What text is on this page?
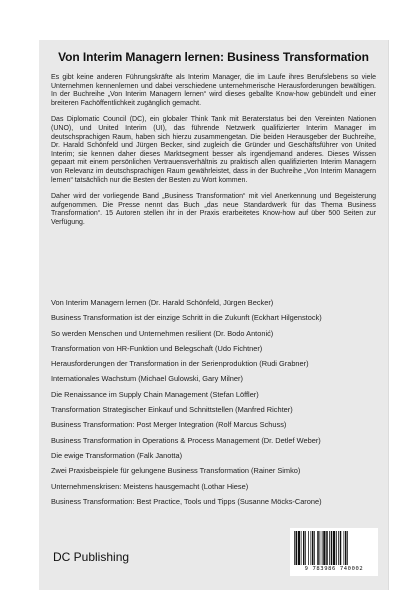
Von Interim Managern lernen: Business Transformation

Es gibt keine anderen Führungskräfte als Interim Manager, die im Laufe ihres Berufslebens so viele Unternehmen kennenlernen und dabei verschiedene unternehmerische Herausforderungen bewältigen. In der Buchreihe „Von Interim Managern lernen“ wird dieses geballte Know-how gebündelt und einer breiteren Fachöffentlichkeit zugänglich gemacht.

Das Diplomatic Council (DC), ein globaler Think Tank mit Beraterstatus bei den Vereinten Nationen (UNO), und United Interim (UI), das führende Netzwerk qualifizierter Interim Manager im deutschsprachigen Raum, haben sich hierzu zusammengetan. Die beiden Herausgeber der Buchreihe, Dr. Harald Schönfeld und Jürgen Becker, sind zugleich die Gründer und Geschäftsführer von United Interim; sie kennen daher dieses Marktsegment besser als irgendjemand anderes. Dieses Wissen gepaart mit einem persönlichen Vertrauensverhältnis zu praktisch allen qualifizierten Interim Managern von Relevanz im deutschsprachigen Raum gewährleistet, dass in der Buchreihe „Von Interim Managern lernen“ tatsächlich nur die Besten der Besten zu Wort kommen.

Daher wird der vorliegende Band „Business Transformation“ mit viel Anerkennung und Begeisterung aufgenommen. Die Presse nennt das Buch „das neue Standardwerk für das Thema Business Transformation“. 15 Autoren stellen ihr in der Praxis erarbeitetes Know-how auf über 500 Seiten zur Verfügung.

Von Interim Managern lernen (Dr. Harald Schönfeld, Jürgen Becker)
Business Transformation ist der einzige Schritt in die Zukunft (Eckhart Hilgenstock)
So werden Menschen und Unternehmen resilient (Dr. Bodo Antonić)
Transformation von HR-Funktion und Belegschaft (Udo Fichtner)
Herausforderungen der Transformation in der Serienproduktion (Rudi Grabner)
Internationales Wachstum (Michael Gulowski, Gary Milner)
Die Renaissance im Supply Chain Management (Stefan Löffler)
Transformation Strategischer Einkauf und Schnittstellen (Manfred Richter)
Business Transformation: Post Merger Integration (Rolf Marcus Schuss)
Business Transformation in Operations & Process Management (Dr. Detlef Weber)
Die ewige Transformation (Falk Janotta)
Zwei Praxisbeispiele für gelungene Business Transformation (Rainer Simko)
Unternehmenskrisen: Meistens hausgemacht (Lothar Hiese)
Business Transformation: Best Practice, Tools und Tipps (Susanne Möcks-Carone)
DC Publishing
9 783986 740002
